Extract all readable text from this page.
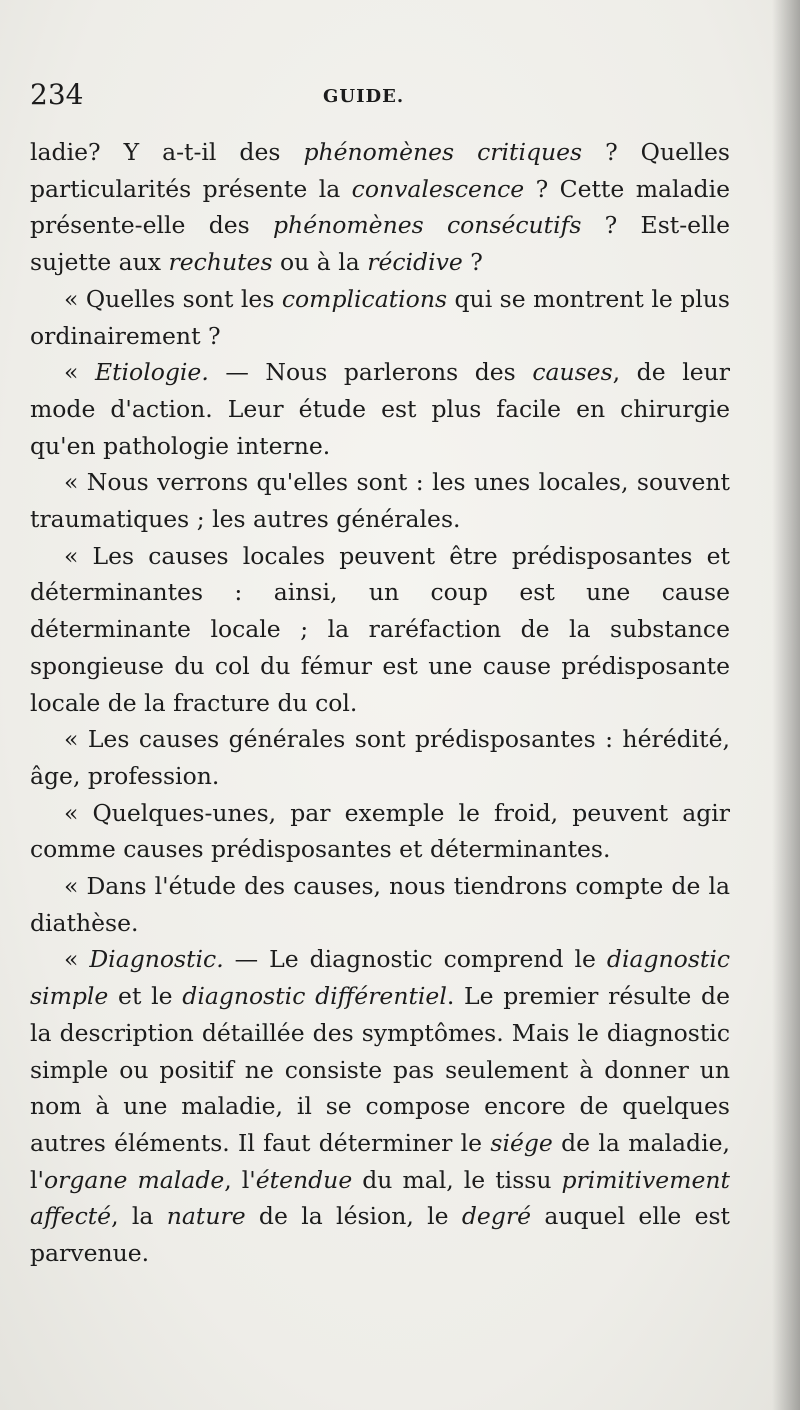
234	GUIDE.

ladie? Y a-t-il des phénomènes critiques ? Quelles particularités présente la convalescence ? Cette maladie présente-elle des phénomènes consécutifs ? Est-elle sujette aux rechutes ou à la récidive ?

« Quelles sont les complications qui se montrent le plus ordinairement ?

« Etiologie. — Nous parlerons des causes, de leur mode d'action. Leur étude est plus facile en chirurgie qu'en pathologie interne.

« Nous verrons qu'elles sont : les unes locales, souvent traumatiques ; les autres générales.

« Les causes locales peuvent être prédisposantes et déterminantes : ainsi, un coup est une cause déterminante locale ; la raréfaction de la substance spongieuse du col du fémur est une cause prédisposante locale de la fracture du col.

« Les causes générales sont prédisposantes : hérédité, âge, profession.

« Quelques-unes, par exemple le froid, peuvent agir comme causes prédisposantes et déterminantes.

« Dans l'étude des causes, nous tiendrons compte de la diathèse.

« Diagnostic. — Le diagnostic comprend le diagnostic simple et le diagnostic différentiel. Le premier résulte de la description détaillée des symptômes. Mais le diagnostic simple ou positif ne consiste pas seulement à donner un nom à une maladie, il se compose encore de quelques autres éléments. Il faut déterminer le siége de la maladie, l'organe malade, l'étendue du mal, le tissu primitivement affecté, la nature de la lésion, le degré auquel elle est parvenue.
